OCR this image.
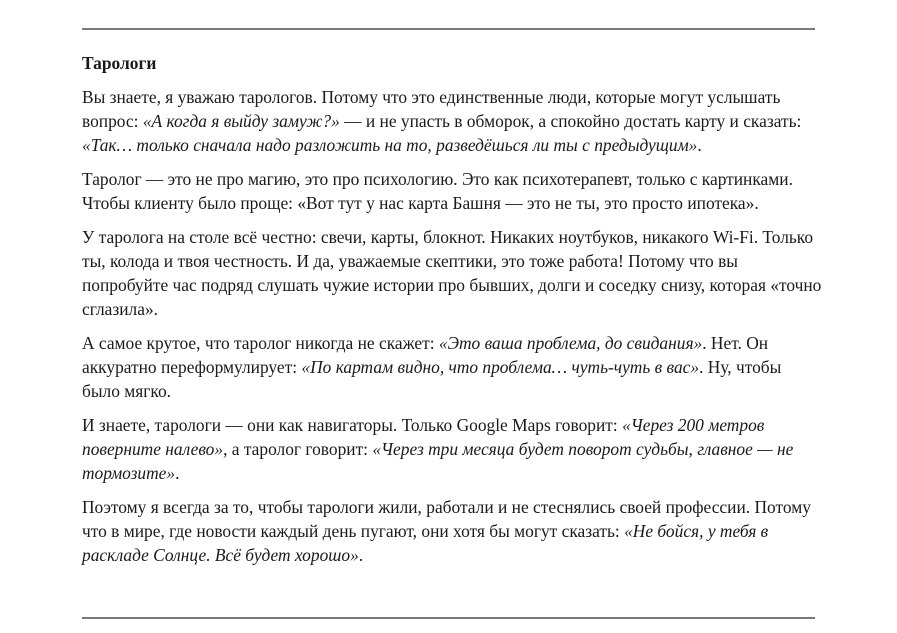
Тарологи

Вы знаете, я уважаю тарологов. Потому что это единственные люди, которые могут услышать вопрос: «А когда я выйду замуж?» — и не упасть в обморок, а спокойно достать карту и сказать: «Так… только сначала надо разложить на то, разведёшься ли ты с предыдущим».

Таролог — это не про магию, это про психологию. Это как психотерапевт, только с картинками. Чтобы клиенту было проще: «Вот тут у нас карта Башня — это не ты, это просто ипотека».

У таролога на столе всё честно: свечи, карты, блокнот. Никаких ноутбуков, никакого Wi-Fi. Только ты, колода и твоя честность. И да, уважаемые скептики, это тоже работа! Потому что вы попробуйте час подряд слушать чужие истории про бывших, долги и соседку снизу, которая «точно сглазила».

А самое крутое, что таролог никогда не скажет: «Это ваша проблема, до свидания». Нет. Он аккуратно переформулирует: «По картам видно, что проблема… чуть-чуть в вас». Ну, чтобы было мягко.

И знаете, тарологи — они как навигаторы. Только Google Maps говорит: «Через 200 метров поверните налево», а таролог говорит: «Через три месяца будет поворот судьбы, главное — не тормозите».

Поэтому я всегда за то, чтобы тарологи жили, работали и не стеснялись своей профессии. Потому что в мире, где новости каждый день пугают, они хотя бы могут сказать: «Не бойся, у тебя в раскладе Солнце. Всё будет хорошо».
